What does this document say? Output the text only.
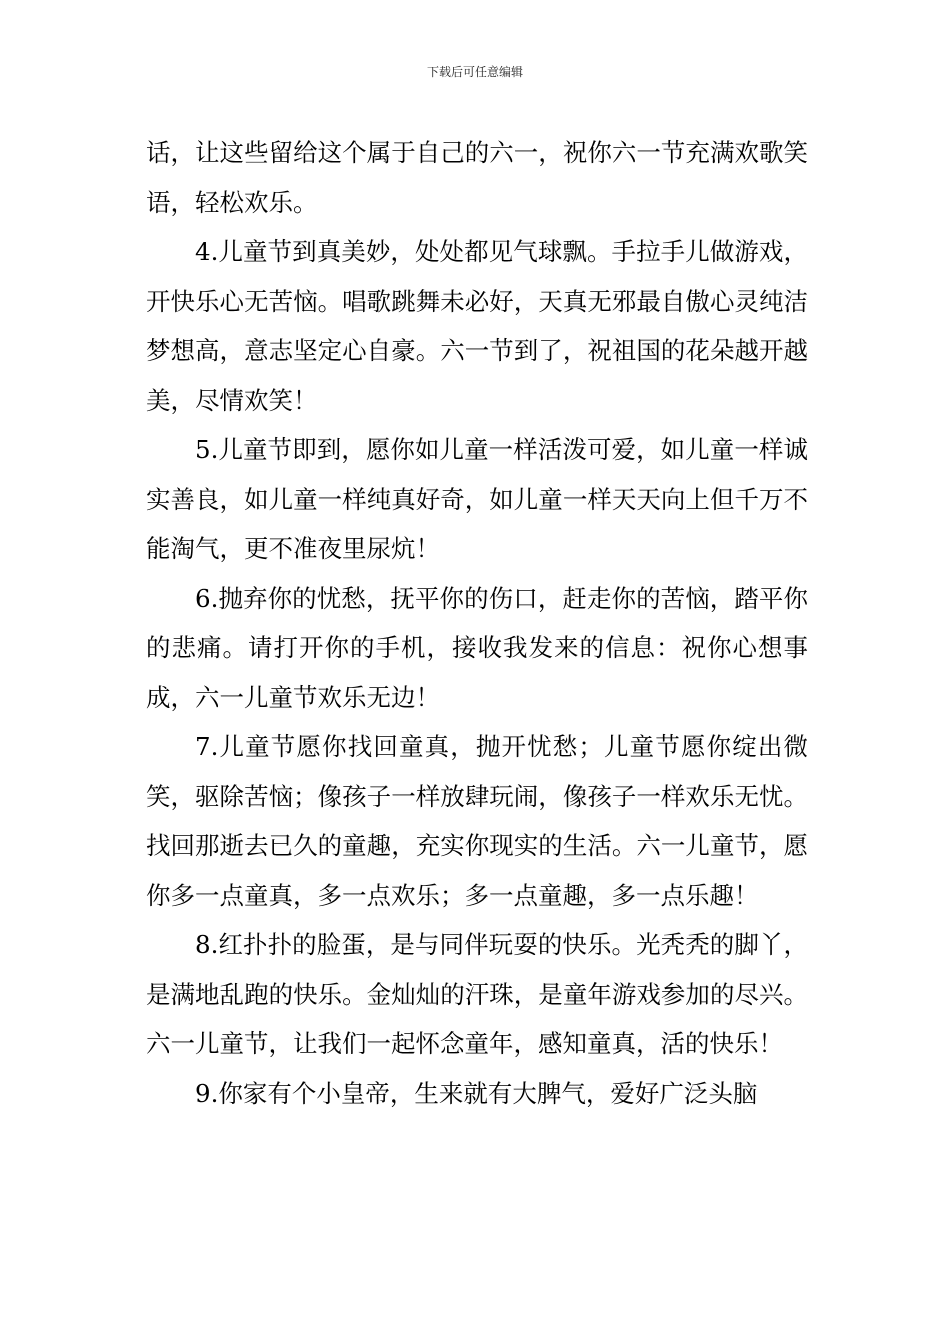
下载后可任意编辑

话，让这些留给这个属于自己的六一，祝你六一节充满欢歌笑语，轻松欢乐。

4.儿童节到真美妙，处处都见气球飘。手拉手儿做游戏，开快乐心无苦恼。唱歌跳舞未必好，天真无邪最自傲心灵纯洁梦想高，意志坚定心自豪。六一节到了，祝祖国的花朵越开越美，尽情欢笑！

5.儿童节即到，愿你如儿童一样活泼可爱，如儿童一样诚实善良，如儿童一样纯真好奇，如儿童一样天天向上但千万不能淘气，更不准夜里尿炕！

6.抛弃你的忧愁，抚平你的伤口，赶走你的苦恼，踏平你的悲痛。请打开你的手机，接收我发来的信息：祝你心想事成，六一儿童节欢乐无边！

7.儿童节愿你找回童真，抛开忧愁；儿童节愿你绽出微笑，驱除苦恼；像孩子一样放肆玩闹，像孩子一样欢乐无忧。找回那逝去已久的童趣，充实你现实的生活。六一儿童节，愿你多一点童真，多一点欢乐；多一点童趣，多一点乐趣！

8.红扑扑的脸蛋，是与同伴玩耍的快乐。光秃秃的脚丫，是满地乱跑的快乐。金灿灿的汗珠，是童年游戏参加的尽兴。六一儿童节，让我们一起怀念童年，感知童真，活的快乐！

9.你家有个小皇帝，生来就有大脾气，爱好广泛头脑
